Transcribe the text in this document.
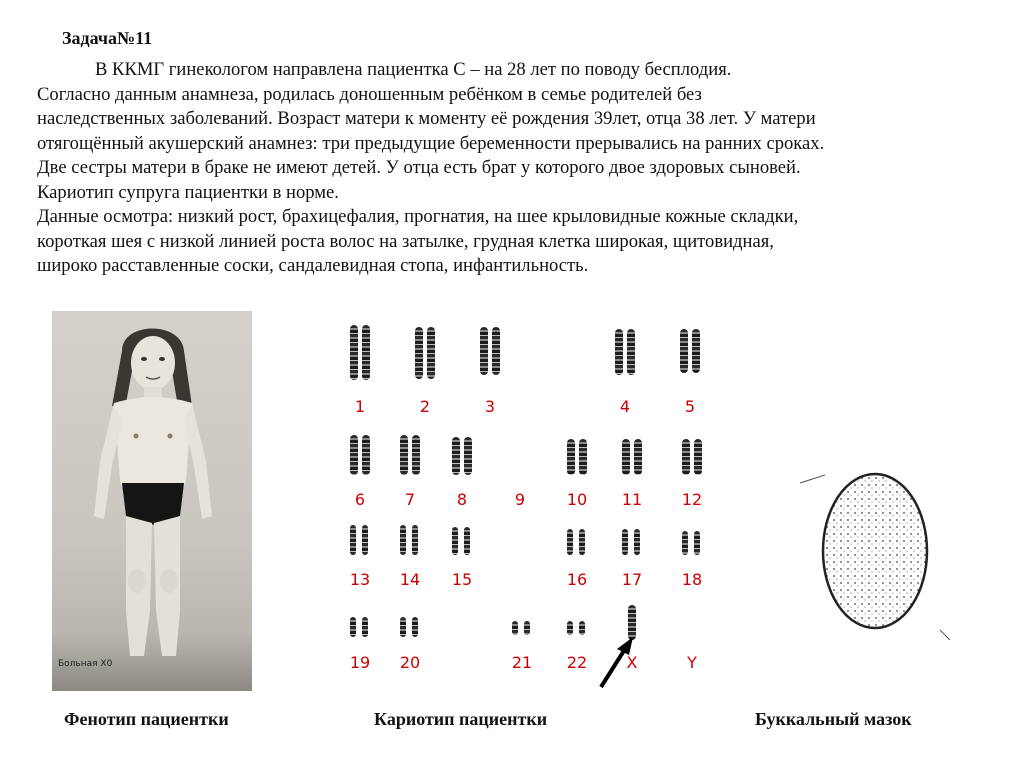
Задача№11

В ККМГ гинекологом направлена пациентка С – на 28 лет по поводу бесплодия.
Согласно данным анамнеза, родилась доношенным ребёнком в семье родителей без
наследственных заболеваний. Возраст матери к моменту её рождения 39лет, отца 38 лет. У матери
отягощённый акушерский анамнез: три предыдущие беременности прерывались на ранних сроках.
Две сестры матери в браке не имеют детей. У отца есть брат у которого двое здоровых сыновей.
Кариотип супруга пациентки в норме.
Данные осмотра: низкий рост, брахицефалия, прогнатия, на шее крыловидные кожные складки,
короткая шея с низкой линией роста волос на затылке, грудная клетка широкая, щитовидная,
широко расставленные соски, сандалевидная стопа, инфантильность.

Больная Х0
1	2	3	4	5
6	7	8	9	10	11	12
13	14	15	16	17	18
19	20	21	22	X	Y
Фенотип пациентки	Кариотип пациентки	Буккальный мазок
